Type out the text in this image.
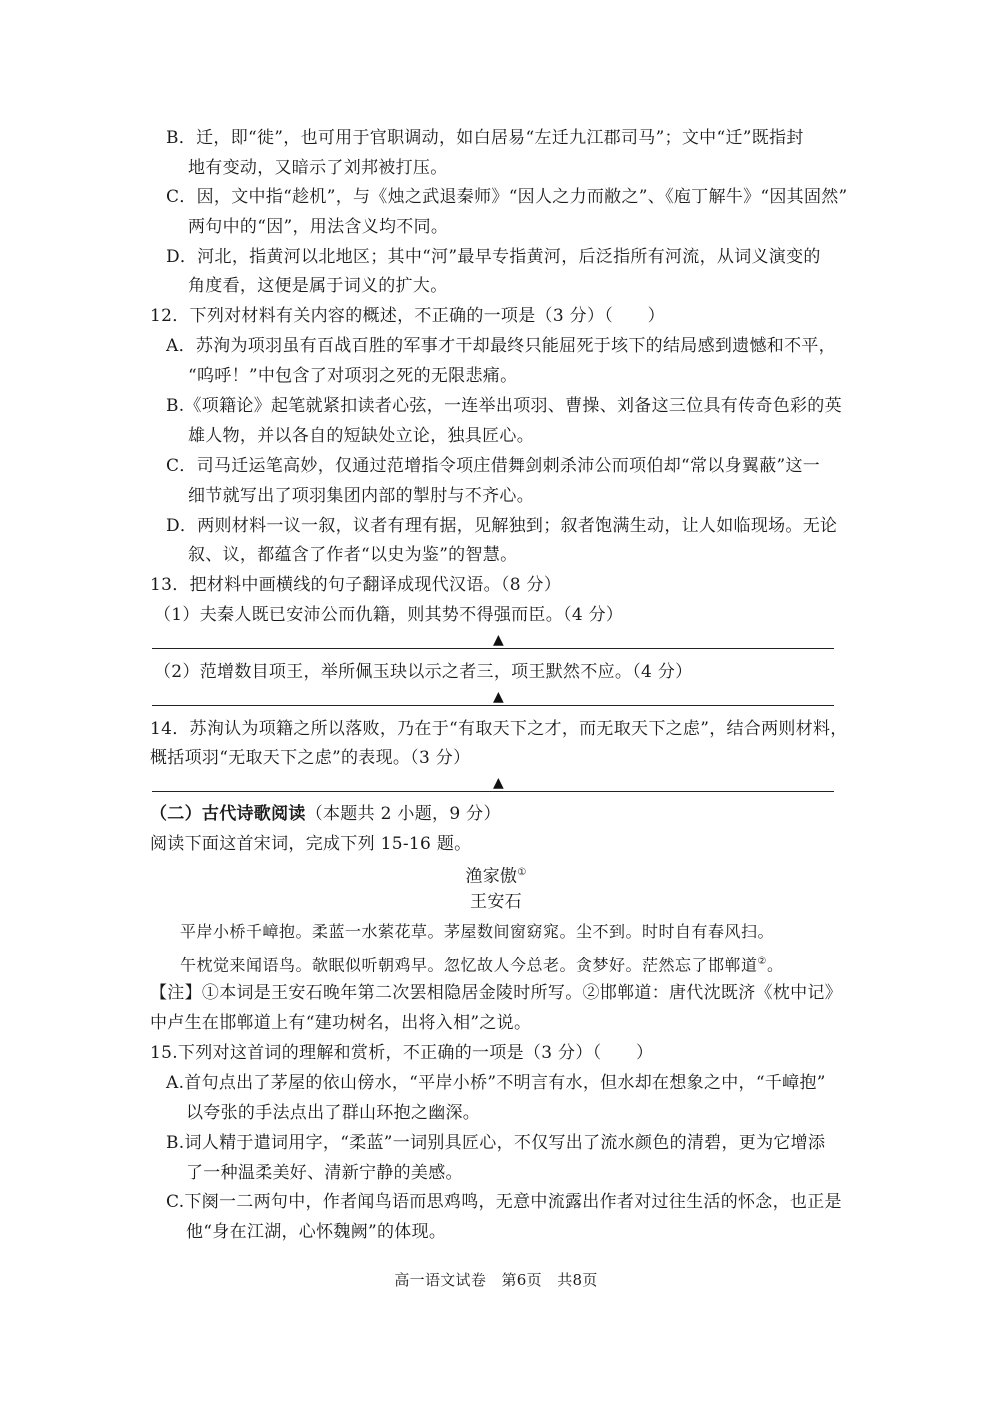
B．迁，即“徙”，也可用于官职调动，如白居易“左迁九江郡司马”；文中“迁”既指封
地有变动，又暗示了刘邦被打压。
C．因，文中指“趁机”，与《烛之武退秦师》“因人之力而敝之”、《庖丁解牛》“因其固然”
两句中的“因”，用法含义均不同。
D．河北，指黄河以北地区；其中“河”最早专指黄河，后泛指所有河流，从词义演变的
角度看，这便是属于词义的扩大。
12．下列对材料有关内容的概述，不正确的一项是（3 分）（　　）
A．苏洵为项羽虽有百战百胜的军事才干却最终只能屈死于垓下的结局感到遗憾和不平，
“呜呼！”中包含了对项羽之死的无限悲痛。
B.《项籍论》起笔就紧扣读者心弦，一连举出项羽、曹操、刘备这三位具有传奇色彩的英
雄人物，并以各自的短缺处立论，独具匠心。
C．司马迁运笔高妙，仅通过范增指令项庄借舞剑刺杀沛公而项伯却“常以身翼蔽”这一
细节就写出了项羽集团内部的掣肘与不齐心。
D．两则材料一议一叙，议者有理有据，见解独到；叙者饱满生动，让人如临现场。无论
叙、议，都蕴含了作者“以史为鉴”的智慧。
13．把材料中画横线的句子翻译成现代汉语。（8 分）
（1）夫秦人既已安沛公而仇籍，则其势不得强而臣。（4 分）
▲
（2）范增数目项王，举所佩玉玦以示之者三，项王默然不应。（4 分）
▲
14．苏洵认为项籍之所以落败，乃在于“有取天下之才，而无取天下之虑”，结合两则材料，
概括项羽“无取天下之虑”的表现。（3 分）
▲
（二）古代诗歌阅读（本题共 2 小题，9 分）
阅读下面这首宋词，完成下列 15-16 题。
渔家傲①
王安石
平岸小桥千嶂抱。柔蓝一水萦花草。茅屋数间窗窈窕。尘不到。时时自有春风扫。
午枕觉来闻语鸟。欹眠似听朝鸡早。忽忆故人今总老。贪梦好。茫然忘了邯郸道②。
【注】①本词是王安石晚年第二次罢相隐居金陵时所写。②邯郸道：唐代沈既济《枕中记》
中卢生在邯郸道上有“建功树名，出将入相”之说。
15.下列对这首词的理解和赏析，不正确的一项是（3 分）（　　）
A.首句点出了茅屋的依山傍水，“平岸小桥”不明言有水，但水却在想象之中，“千嶂抱”
以夸张的手法点出了群山环抱之幽深。
B.词人精于遣词用字，“柔蓝”一词别具匠心，不仅写出了流水颜色的清碧，更为它增添
了一种温柔美好、清新宁静的美感。
C.下阕一二两句中，作者闻鸟语而思鸡鸣，无意中流露出作者对过往生活的怀念，也正是
他“身在江湖，心怀魏阙”的体现。
高一语文试卷　第6页　共8页
